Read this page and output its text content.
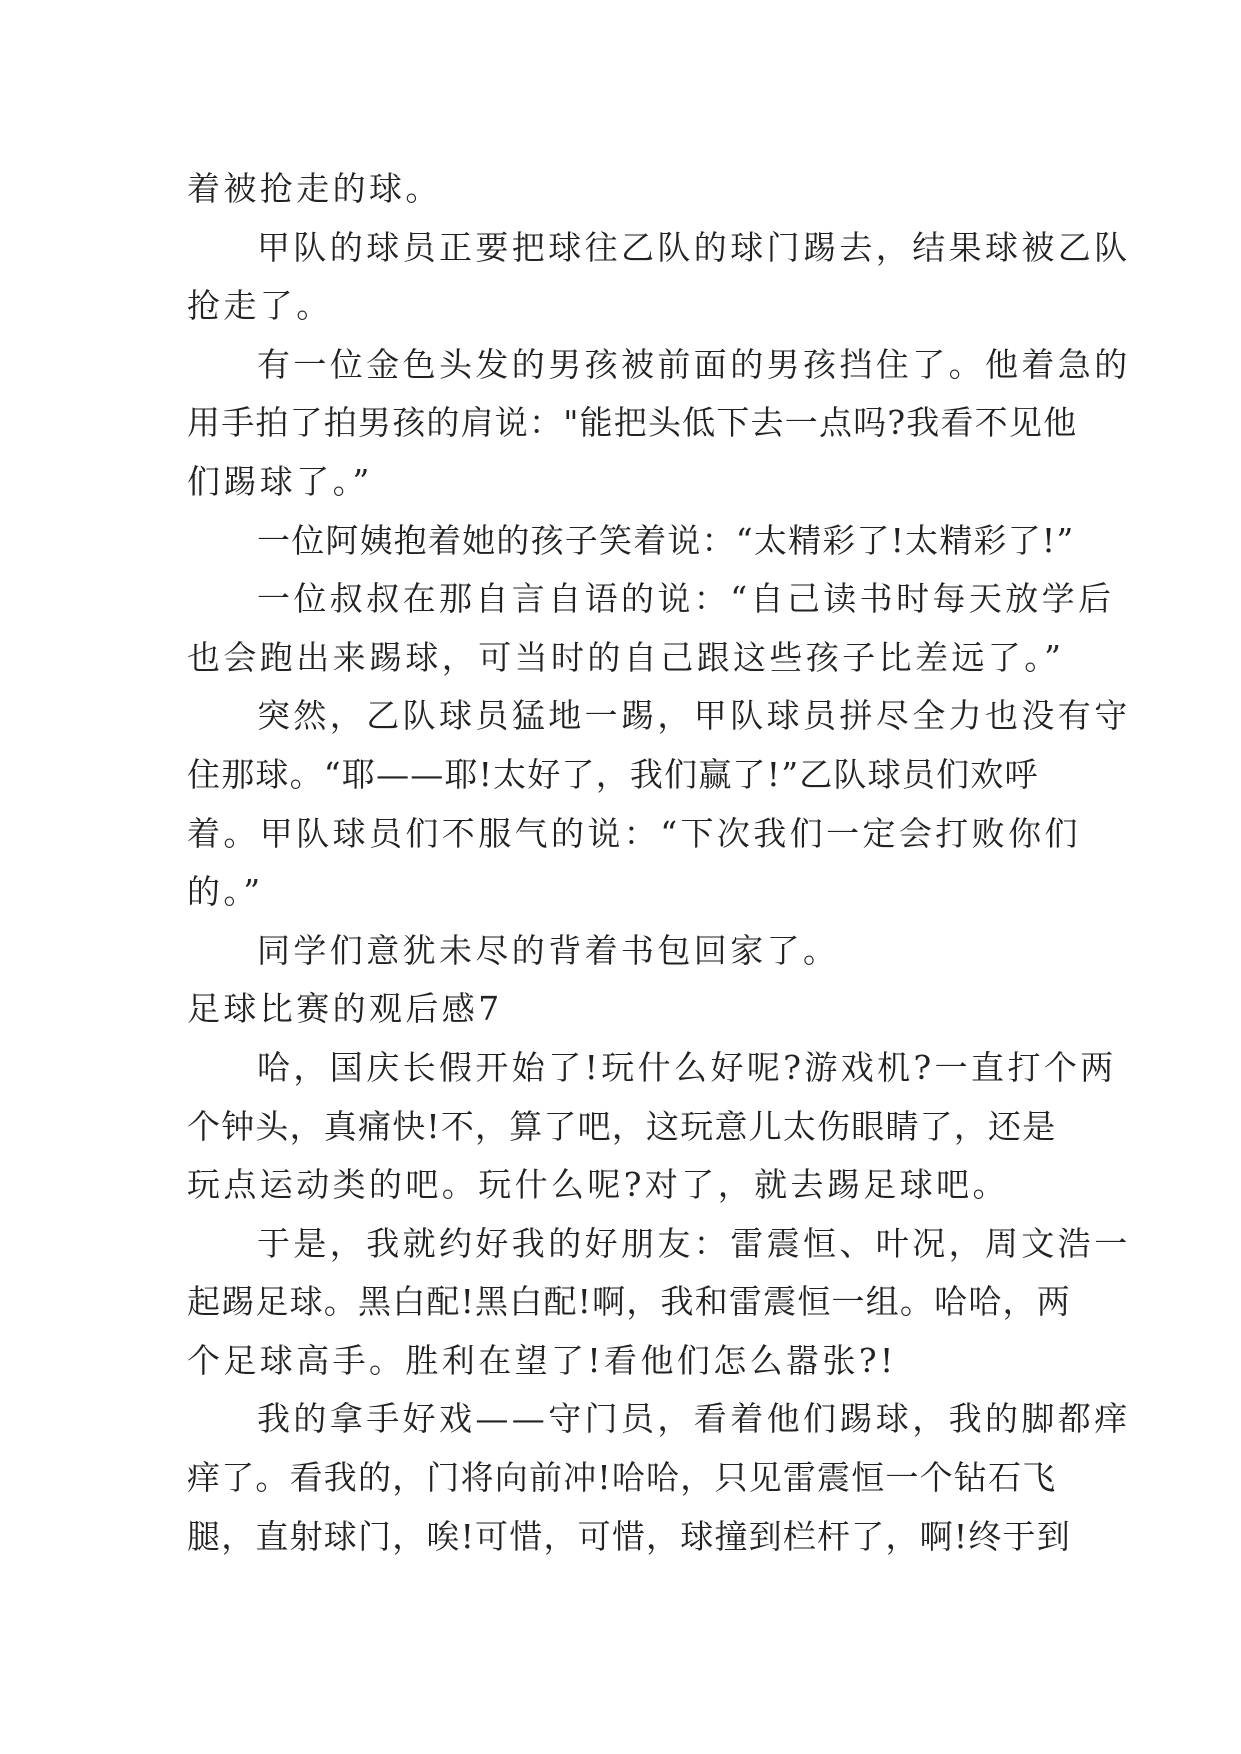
着被抢走的球。
甲队的球员正要把球往乙队的球门踢去，结果球被乙队
抢走了。
有一位金色头发的男孩被前面的男孩挡住了。他着急的
用手拍了拍男孩的肩说："能把头低下去一点吗?我看不见他
们踢球了。”
一位阿姨抱着她的孩子笑着说：“太精彩了!太精彩了!”
一位叔叔在那自言自语的说：“自己读书时每天放学后
也会跑出来踢球，可当时的自己跟这些孩子比差远了。”
突然，乙队球员猛地一踢，甲队球员拼尽全力也没有守
住那球。“耶——耶!太好了，我们赢了!”乙队球员们欢呼
着。甲队球员们不服气的说：“下次我们一定会打败你们
的。”
同学们意犹未尽的背着书包回家了。
足球比赛的观后感7
哈，国庆长假开始了!玩什么好呢?游戏机?一直打个两
个钟头，真痛快!不，算了吧，这玩意儿太伤眼睛了，还是
玩点运动类的吧。玩什么呢?对了，就去踢足球吧。
于是，我就约好我的好朋友：雷震恒、叶况，周文浩一
起踢足球。黑白配!黑白配!啊，我和雷震恒一组。哈哈，两
个足球高手。胜利在望了!看他们怎么嚣张?!
我的拿手好戏——守门员，看着他们踢球，我的脚都痒
痒了。看我的，门将向前冲!哈哈，只见雷震恒一个钻石飞
腿，直射球门，唉!可惜，可惜，球撞到栏杆了，啊!终于到
